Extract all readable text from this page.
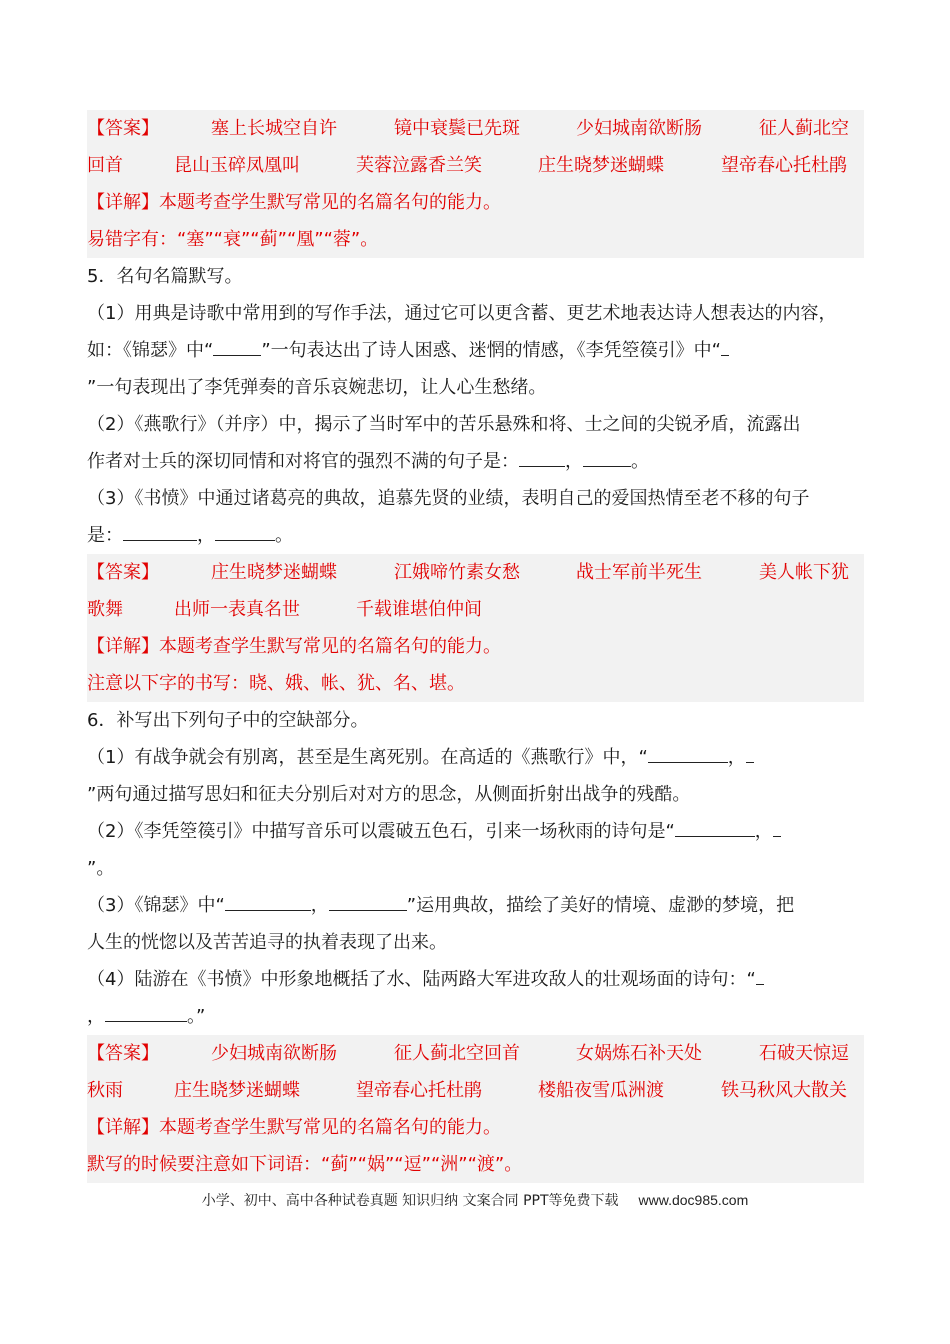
【答案】	塞上长城空自许	镜中衰鬓已先斑	少妇城南欲断肠	征人蓟北空
回首	昆山玉碎凤凰叫	芙蓉泣露香兰笑	庄生晓梦迷蝴蝶	望帝春心托杜鹃
【详解】本题考查学生默写常见的名篇名句的能力。
易错字有：“塞”“衰”“蓟”“凰”“蓉”。
5．名句名篇默写。
（1）用典是诗歌中常用到的写作手法，通过它可以更含蓄、更艺术地表达诗人想表达的内容，
如：《锦瑟》中“	”一句表达出了诗人困惑、迷惘的情感，《李凭箜篌引》中“
”一句表现出了李凭弹奏的音乐哀婉悲切，让人心生愁绪。
（2）《燕歌行》（并序）中，揭示了当时军中的苦乐悬殊和将、士之间的尖锐矛盾，流露出
作者对士兵的深切同情和对将官的强烈不满的句子是：	，	。
（3）《书愤》中通过诸葛亮的典故，追慕先贤的业绩，表明自己的爱国热情至老不移的句子
是：	，	。
【答案】	庄生晓梦迷蝴蝶	江娥啼竹素女愁	战士军前半死生	美人帐下犹
歌舞	出师一表真名世	千载谁堪伯仲间
【详解】本题考查学生默写常见的名篇名句的能力。
注意以下字的书写：晓、娥、帐、犹、名、堪。
6．补写出下列句子中的空缺部分。
（1）有战争就会有别离，甚至是生离死别。在高适的《燕歌行》中，“	，
”两句通过描写思妇和征夫分别后对对方的思念，从侧面折射出战争的残酷。
（2）《李凭箜篌引》中描写音乐可以震破五色石，引来一场秋雨的诗句是“	，
”。
（3）《锦瑟》中“	，	”运用典故，描绘了美好的情境、虚渺的梦境，把
人生的恍惚以及苦苦追寻的执着表现了出来。
（4）陆游在《书愤》中形象地概括了水、陆两路大军进攻敌人的壮观场面的诗句：“
，	。”
【答案】	少妇城南欲断肠	征人蓟北空回首	女娲炼石补天处	石破天惊逗
秋雨	庄生晓梦迷蝴蝶	望帝春心托杜鹃	楼船夜雪瓜洲渡	铁马秋风大散关
【详解】本题考查学生默写常见的名篇名句的能力。
默写的时候要注意如下词语：“蓟”“娲”“逗”“洲”“渡”。
小学、初中、高中各种试卷真题 知识归纳 文案合同 PPT等免费下载 www.doc985.com
